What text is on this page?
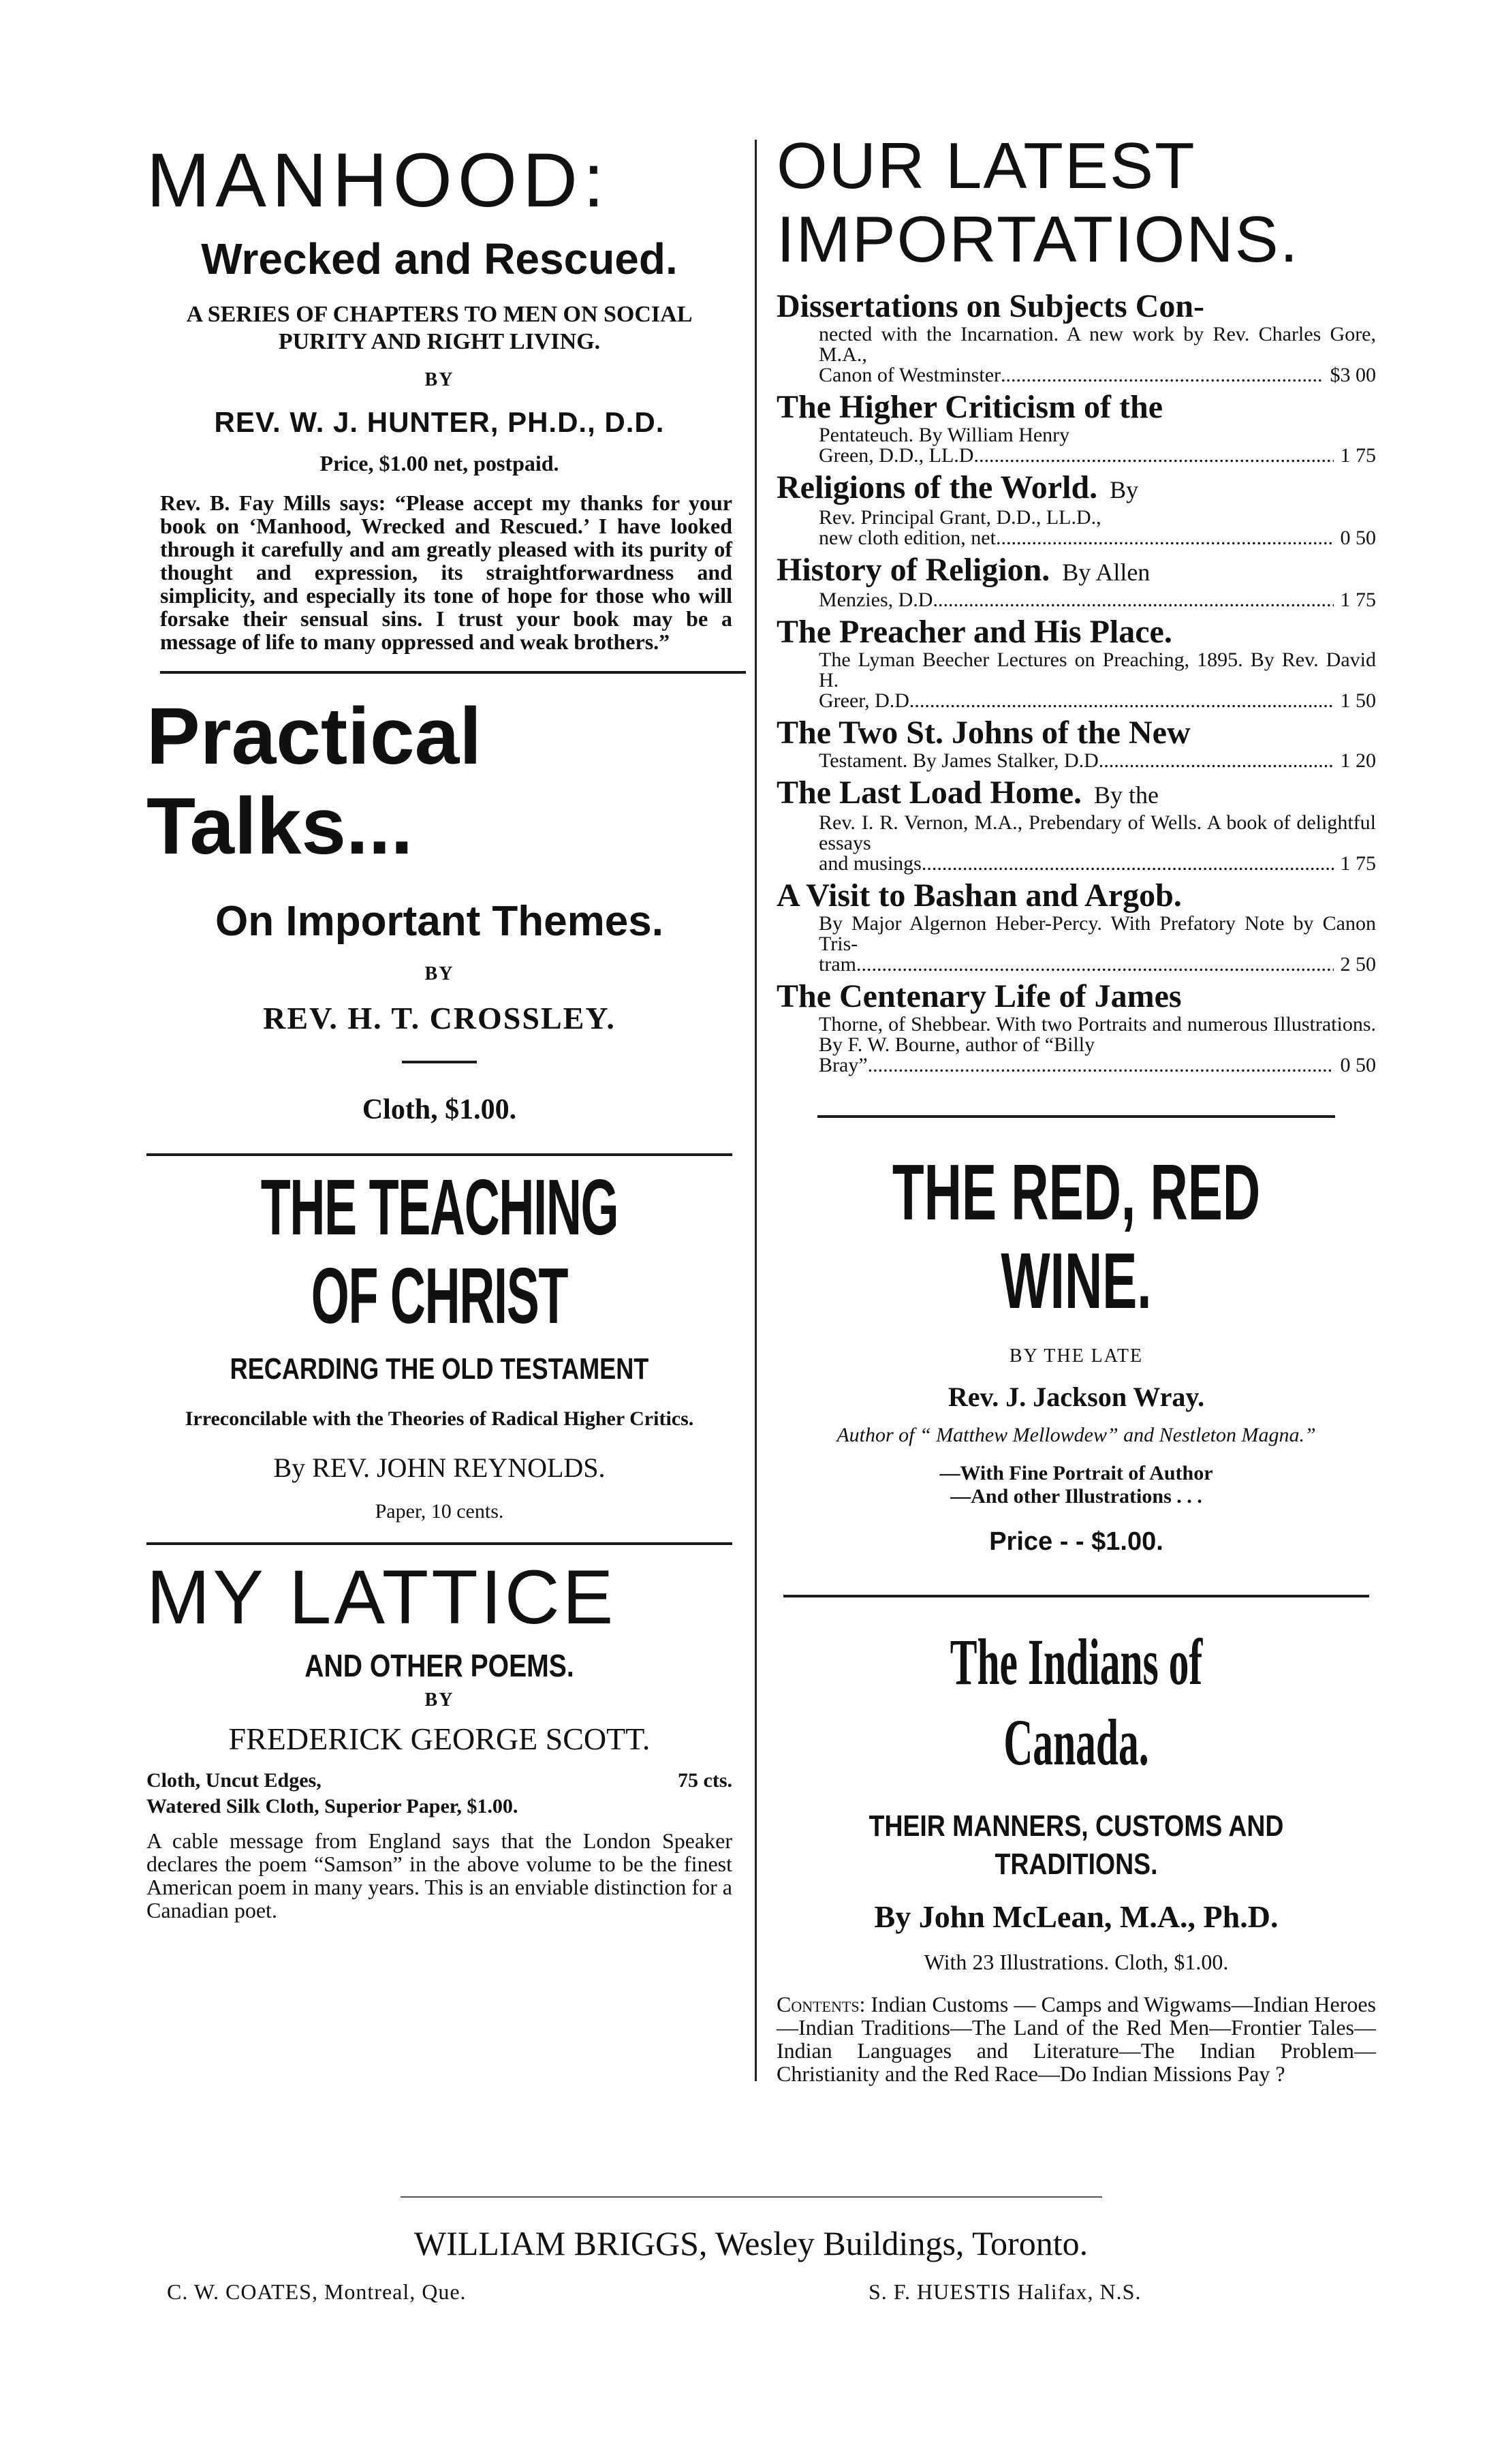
MANHOOD:
Wrecked and Rescued.
A SERIES OF CHAPTERS TO MEN ON SOCIAL PURITY AND RIGHT LIVING.
BY
REV. W. J. HUNTER, PH.D., D.D.
Price, $1.00 net, postpaid.
Rev. B. Fay Mills says: “Please accept my thanks for your book on ‘Manhood, Wrecked and Rescued.’ I have looked through it carefully and am greatly pleased with its purity of thought and expression, its straightforwardness and simplicity, and especially its tone of hope for those who will forsake their sensual sins. I trust your book may be a message of life to many oppressed and weak brothers.”
Practical
Talks...
On Important Themes.
BY
REV. H. T. CROSSLEY.
Cloth, $1.00.
THE TEACHING OF CHRIST
RECARDING THE OLD TESTAMENT
Irreconcilable with the Theories of Radical Higher Critics.
By REV. JOHN REYNOLDS.
Paper, 10 cents.
MY LATTICE
AND OTHER POEMS.
BY
FREDERICK GEORGE SCOTT.
Cloth, Uncut Edges,	75 cts.
Watered Silk Cloth, Superior Paper, $1.00.
A cable message from England says that the London Speaker declares the poem “Samson” in the above volume to be the finest American poem in many years. This is an enviable distinction for a Canadian poet.
OUR LATEST
IMPORTATIONS.
Dissertations on Subjects Con-
nected with the Incarnation. A new work by Rev. Charles Gore, M.A.,
Canon of Westminster .....	$3 00
The Higher Criticism of the
Pentateuch. By William Henry
Green, D.D., LL.D. .....	1 75
Religions of the World. By
Rev. Principal Grant, D.D., LL.D.,
new cloth edition, net .....	0 50
History of Religion. By Allen
Menzies, D.D. .....	1 75
The Preacher and His Place.
The Lyman Beecher Lectures on Preaching, 1895. By Rev. David H.
Greer, D.D. .....	1 50
The Two St. Johns of the New
Testament. By James Stalker, D.D.. .....	1 20
The Last Load Home. By the
Rev. I. R. Vernon, M.A., Prebendary of Wells. A book of delightful essays
and musings .....	1 75
A Visit to Bashan and Argob.
By Major Algernon Heber-Percy. With Prefatory Note by Canon Tris-
tram .....	2 50
The Centenary Life of James
Thorne, of Shebbear. With two Portraits and numerous Illustrations. By F. W. Bourne, author of “Billy
Bray” .....	0 50
THE RED, RED WINE.
BY THE LATE
Rev. J. Jackson Wray.
Author of “ Matthew Mellowdew” and Nestleton Magna.”
—With Fine Portrait of Author
—And other Illustrations . . .
Price - - $1.00.
The Indians of Canada.
THEIR MANNERS, CUSTOMS AND TRADITIONS.
By John McLean, M.A., Ph.D.
With 23 Illustrations. Cloth, $1.00.
Contents: Indian Customs — Camps and Wigwams—Indian Heroes—Indian Traditions—The Land of the Red Men—Frontier Tales—Indian Languages and Literature—The Indian Problem—Christianity and the Red Race—Do Indian Missions Pay ?
WILLIAM BRIGGS, Wesley Buildings, Toronto.
C. W. COATES, Montreal, Que.	S. F. HUESTIS Halifax, N.S.
